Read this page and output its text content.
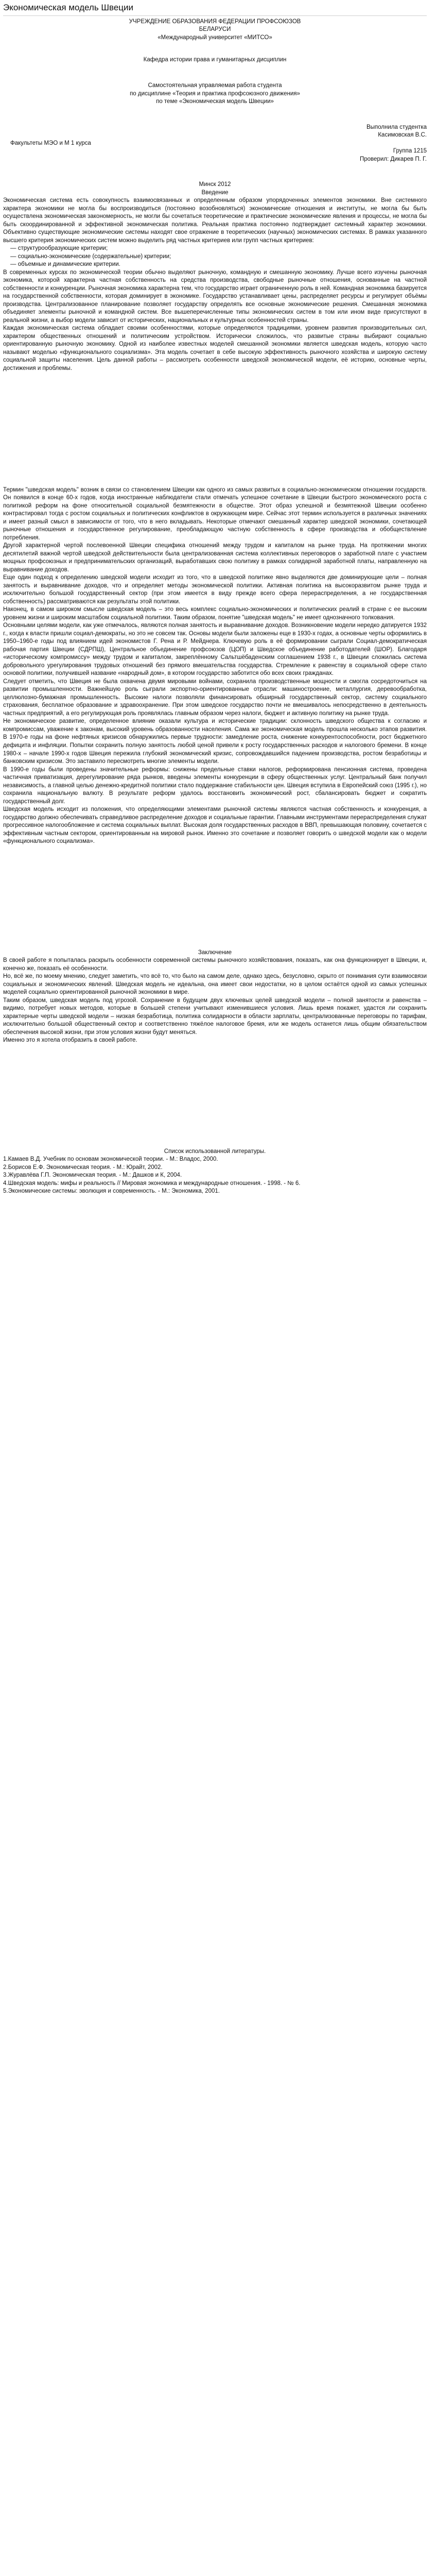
Экономическая модель Швеции

УЧРЕЖДЕНИЕ ОБРАЗОВАНИЯ ФЕДЕРАЦИИ ПРОФСОЮЗОВ

БЕЛАРУСИ

«Международный университет «МИТСО»

Кафедра истории права и гуманитарных дисциплин

Самостоятельная управляемая работа студента

по дисциплине «Теория и практика профсоюзного движения»

по теме «Экономическая модель Швеции»

Выполнила студентка

Касимовская В.С.

Факультеты МЭО и М 1 курса

Группа 1215

Проверил: Дикарев П. Г.

Минск 2012

Введение

Экономическая система есть совокупность взаимосвязанных и определенным образом упорядоченных элементов экономики. Вне системного характера экономики не могла бы воспроизводиться (постоянно возобновляться) экономические отношения и институты, не могла бы быть осуществлена экономическая закономерность, не могли бы сочетаться теоретические и практические экономические явления и процессы, не могла бы быть скоординированной и эффективной экономическая политика. Реальная практика постоянно подтверждает системный характер экономики. Объективно существующие экономические системы находят свое отражение в теоретических (научных) экономических системах. В рамках указанного высшего критерия экономических систем можно выделить ряд частных критериев или групп частных критериев:

— структурообразующие критерии;
— социально-экономические (содержательные) критерии;
— объемные и динамические критерии.

В современных курсах по экономической теории обычно выделяют рыночную, командную и смешанную экономику. Лучше всего изучены рыночная экономика, которой характерна частная собственность на средства производства, свободные рыночные отношения, основанные на частной собственности и конкуренции. Рыночная экономика характерна тем, что государство играет ограниченную роль в ней. Командная экономика базируется на государственной собственности, которая доминирует в экономике. Государство устанавливает цены, распределяет ресурсы и регулирует объёмы производства. Централизованное планирование позволяет государству определять все основные экономические решения. Смешанная экономика объединяет элементы рыночной и командной систем. Все вышеперечисленные типы экономических систем в том или ином виде присутствуют в реальной жизни, а выбор модели зависит от исторических, национальных и культурных особенностей страны.

Каждая экономическая система обладает своими особенностями, которые определяются традициями, уровнем развития производительных сил, характером общественных отношений и политическим устройством. Исторически сложилось, что развитые страны выбирают социально ориентированную рыночную экономику. Одной из наиболее известных моделей смешанной экономики является шведская модель, которую часто называют моделью «функционального социализма». Эта модель сочетает в себе высокую эффективность рыночного хозяйства и широкую систему социальной защиты населения. Цель данной работы – рассмотреть особенности шведской экономической модели, её историю, основные черты, достижения и проблемы.

Термин "шведская модель" возник в связи со становлением Швеции как одного из самых развитых в социально-экономическом отношении государств. Он появился в конце 60-х годов, когда иностранные наблюдатели стали отмечать успешное сочетание в Швеции быстрого экономического роста с политикой реформ на фоне относительной социальной безмятежности в обществе. Этот образ успешной и безмятежной Швеции особенно контрастировал тогда с ростом социальных и политических конфликтов в окружающем мире. Сейчас этот термин используется в различных значениях и имеет разный смысл в зависимости от того, что в него вкладывать. Некоторые отмечают смешанный характер шведской экономики, сочетающей рыночные отношения и государственное регулирование, преобладающую частную собственность в сфере производства и обобществление потребления.

Другой характерной чертой послевоенной Швеции специфика отношений между трудом и капиталом на рынке труда. На протяжении многих десятилетий важной чертой шведской действительности была централизованная система коллективных переговоров о заработной плате с участием мощных профсоюзных и предпринимательских организаций, выработавших свою политику в рамках солидарной заработной платы, направленную на выравнивание доходов.

Еще один подход к определению шведской модели исходит из того, что в шведской политике явно выделяются две доминирующие цели – полная занятость и выравнивание доходов, что и определяет методы экономической политики. Активная политика на высокоразвитом рынке труда и исключительно большой государственный сектор (при этом имеется в виду прежде всего сфера перераспределения, а не государственная собственность) рассматриваются как результаты этой политики.

Наконец, в самом широком смысле шведская модель – это весь комплекс социально-экономических и политических реалий в стране с ее высоким уровнем жизни и широким масштабом социальной политики. Таким образом, понятие "шведская модель" не имеет однозначного толкования.

Основными целями модели, как уже отмечалось, являются полная занятость и выравнивание доходов. Возникновение модели нередко датируется 1932 г., когда к власти пришли социал-демократы, но это не совсем так. Основы модели были заложены еще в 1930-х годах, а основные черты оформились в 1950–1960-е годы под влиянием идей экономистов Г. Рена и Р. Мейднера. Ключевую роль в её формировании сыграли Социал-демократическая рабочая партия Швеции (СДРПШ), Центральное объединение профсоюзов (ЦОП) и Шведское объединение работодателей (ШОР). Благодаря «историческому компромиссу» между трудом и капиталом, закреплённому Сальтшёбаденским соглашением 1938 г., в Швеции сложилась система добровольного урегулирования трудовых отношений без прямого вмешательства государства. Стремление к равенству в социальной сфере стало основой политики, получившей название «народный дом», в котором государство заботится обо всех своих гражданах.

Следует отметить, что Швеция не была охвачена двумя мировыми войнами, сохранила производственные мощности и смогла сосредоточиться на развитии промышленности. Важнейшую роль сыграли экспортно-ориентированные отрасли: машиностроение, металлургия, деревообработка, целлюлозно-бумажная промышленность. Высокие налоги позволяли финансировать обширный государственный сектор, систему социального страхования, бесплатное образование и здравоохранение. При этом шведское государство почти не вмешивалось непосредственно в деятельность частных предприятий, а его регулирующая роль проявлялась главным образом через налоги, бюджет и активную политику на рынке труда.

Не экономическое развитие, определенное влияние оказали культура и исторические традиции: склонность шведского общества к согласию и компромиссам, уважение к законам, высокий уровень образованности населения. Сама же экономическая модель прошла несколько этапов развития. В 1970-е годы на фоне нефтяных кризисов обнаружились первые трудности: замедление роста, снижение конкурентоспособности, рост бюджетного дефицита и инфляции. Попытки сохранить полную занятость любой ценой привели к росту государственных расходов и налогового бремени. В конце 1980-х – начале 1990-х годов Швеция пережила глубокий экономический кризис, сопровождавшийся падением производства, ростом безработицы и банковским кризисом. Это заставило пересмотреть многие элементы модели.

В 1990-е годы были проведены значительные реформы: снижены предельные ставки налогов, реформирована пенсионная система, проведена частичная приватизация, дерегулирование ряда рынков, введены элементы конкуренции в сферу общественных услуг. Центральный банк получил независимость, а главной целью денежно-кредитной политики стало поддержание стабильности цен. Швеция вступила в Европейский союз (1995 г.), но сохранила национальную валюту. В результате реформ удалось восстановить экономический рост, сбалансировать бюджет и сократить государственный долг.

Шведская модель исходит из положения, что определяющими элементами рыночной системы являются частная собственность и конкуренция, а государство должно обеспечивать справедливое распределение доходов и социальные гарантии. Главными инструментами перераспределения служат прогрессивное налогообложение и система социальных выплат. Высокая доля государственных расходов в ВВП, превышающая половину, сочетается с эффективным частным сектором, ориентированным на мировой рынок. Именно это сочетание и позволяет говорить о шведской модели как о модели «функционального социализма».

Заключение

В своей работе я попыталась раскрыть особенности современной системы рыночного хозяйствования, показать, как она функционирует в Швеции, и, конечно же, показать её особенности.

Но, всё же, по моему мнению, следует заметить, что всё то, что было на самом деле, однако здесь, безусловно, скрыто от понимания сути взаимосвязи социальных и экономических явлений. Шведская модель не идеальна, она имеет свои недостатки, но в целом остаётся одной из самых успешных моделей социально ориентированной рыночной экономики в мире.

Таким образом, шведская модель под угрозой. Сохранение в будущем двух ключевых целей шведской модели – полной занятости и равенства – видимо, потребует новых методов, которые в большей степени учитывают изменившиеся условия. Лишь время покажет, удастся ли сохранить характерные черты шведской модели – низкая безработица, политика солидарности в области зарплаты, централизованные переговоры по тарифам, исключительно большой общественный сектор и соответственно тяжёлое налоговое бремя, или же модель останется лишь общим обязательством обеспечения высокой жизни, при этом условия жизни будут меняться.

Именно это я хотела отобразить в своей работе.

Список использованной литературы.

1.Камаев В.Д. Учебник по основам экономической теории. - М.: Владос, 2000.

2.Борисов Е.Ф. Экономическая теория. - М.: Юрайт, 2002.

3.Журавлёва Г.П. Экономическая теория. - М.: Дашков и К, 2004.

4.Шведская модель: мифы и реальность // Мировая экономика и международные отношения. - 1998. - № 6.

5.Экономические системы: эволюция и современность. - М.: Экономика, 2001.
